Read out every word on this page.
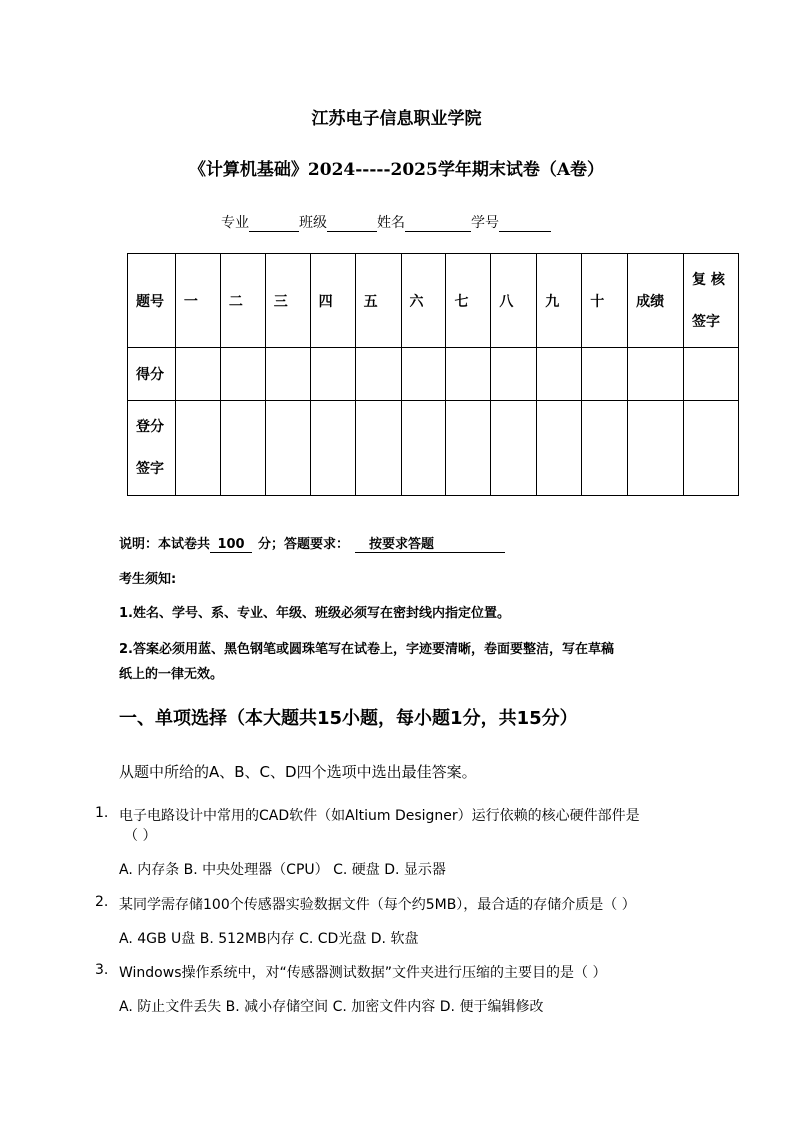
江苏电子信息职业学院
《计算机基础》2024-----2025学年期末试卷（A卷）
专业	班级	姓名	学号
题号	一	二	三	四	五	六	七	八	九	十	成绩	复 核
签字

得分												

登分
签字												

说明：本试卷共 100 分；答题要求： 按要求答题
考生须知:
1.姓名、学号、系、专业、年级、班级必须写在密封线内指定位置。
2.答案必须用蓝、黑色钢笔或圆珠笔写在试卷上，字迹要清晰，卷面要整洁，写在草稿
纸上的一律无效。
一、单项选择（本大题共15小题，每小题1分，共15分）
从题中所给的A、B、C、D四个选项中选出最佳答案。
1. 电子电路设计中常用的CAD软件（如Altium Designer）运行依赖的核心硬件部件是
（ ）
A. 内存条 B. 中央处理器（CPU） C. 硬盘 D. 显示器
2. 某同学需存储100个传感器实验数据文件（每个约5MB），最合适的存储介质是（ ）
A. 4GB U盘 B. 512MB内存 C. CD光盘 D. 软盘
3. Windows操作系统中，对“传感器测试数据”文件夹进行压缩的主要目的是（ ）
A. 防止文件丢失 B. 减小存储空间 C. 加密文件内容 D. 便于编辑修改
